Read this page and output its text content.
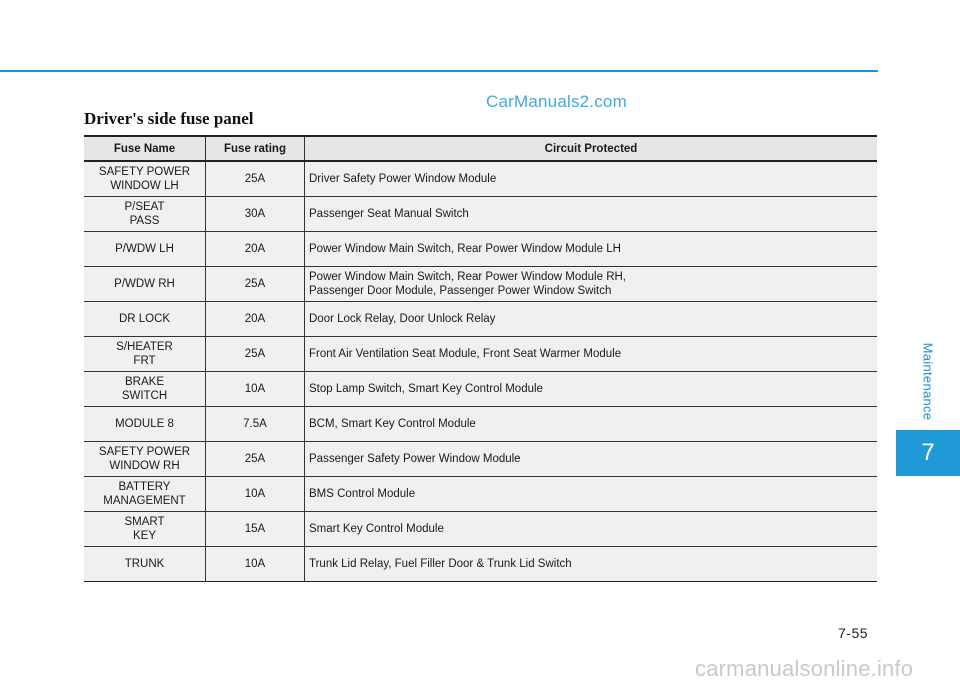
CarManuals2.com
Driver's side fuse panel
Fuse Name	Fuse rating	Circuit Protected
SAFETY POWER
WINDOW LH	25A	Driver Safety Power Window Module
P/SEAT
PASS	30A	Passenger Seat Manual Switch
P/WDW LH	20A	Power Window Main Switch, Rear Power Window Module LH
P/WDW RH	25A	Power Window Main Switch, Rear Power Window Module RH,
Passenger Door Module, Passenger Power Window Switch
DR LOCK	20A	Door Lock Relay, Door Unlock Relay
S/HEATER
FRT	25A	Front Air Ventilation Seat Module, Front Seat Warmer Module
BRAKE
SWITCH	10A	Stop Lamp Switch, Smart Key Control Module
MODULE 8	7.5A	BCM, Smart Key Control Module
SAFETY POWER
WINDOW RH	25A	Passenger Safety Power Window Module
BATTERY
MANAGEMENT	10A	BMS Control Module
SMART
KEY	15A	Smart Key Control Module
TRUNK	10A	Trunk Lid Relay, Fuel Filler Door & Trunk Lid Switch
Maintenance
7
7-55
carmanualsonline.info
